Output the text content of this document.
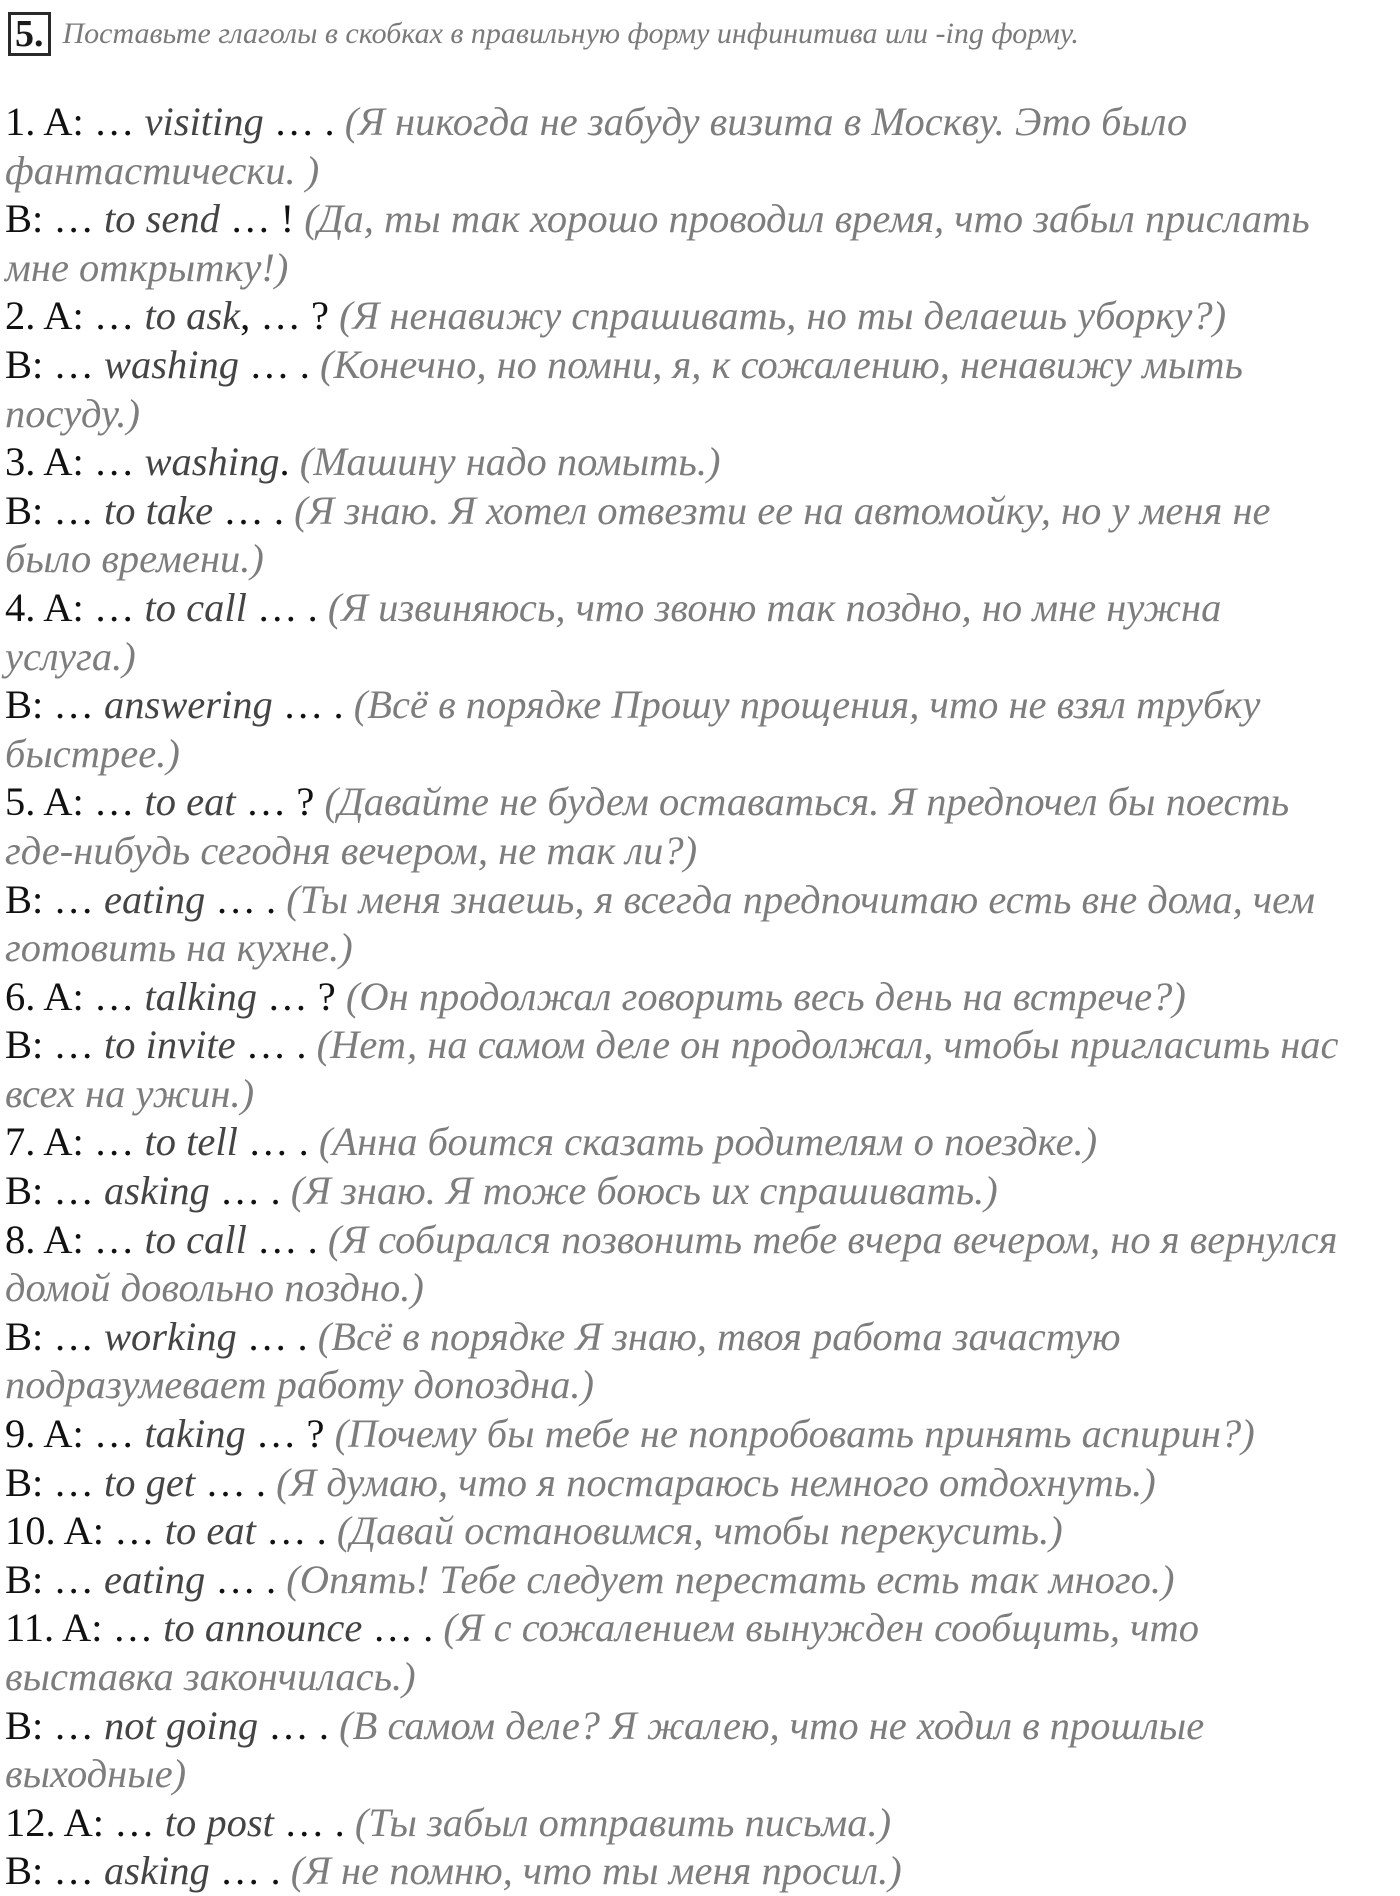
5. Поставьте глаголы в скобках в правильную форму инфинитива или -ing форму.
1. A: … visiting … . (Я никогда не забуду визита в Москву. Это было
фантастически. )
B: … to send … ! (Да, ты так хорошо проводил время, что забыл прислать
мне открытку!)
2. A: … to ask, … ? (Я ненавижу спрашивать, но ты делаешь уборку?)
B: … washing … . (Конечно, но помни, я, к сожалению, ненавижу мыть
посуду.)
3. A: … washing. (Машину надо помыть.)
B: … to take … . (Я знаю. Я хотел отвезти ее на автомойку, но у меня не
было времени.)
4. A: … to call … . (Я извиняюсь, что звоню так поздно, но мне нужна
услуга.)
B: … answering … . (Всё в порядке Прошу прощения, что не взял трубку
быстрее.)
5. A: … to eat … ? (Давайте не будем оставаться. Я предпочел бы поесть
где-нибудь сегодня вечером, не так ли?)
B: … eating … . (Ты меня знаешь, я всегда предпочитаю есть вне дома, чем
готовить на кухне.)
6. A: … talking … ? (Он продолжал говорить весь день на встрече?)
B: … to invite … . (Нет, на самом деле он продолжал, чтобы пригласить нас
всех на ужин.)
7. A: … to tell … . (Анна боится сказать родителям о поездке.)
B: … asking … . (Я знаю. Я тоже боюсь их спрашивать.)
8. A: … to call … . (Я собирался позвонить тебе вчера вечером, но я вернулся
домой довольно поздно.)
B: … working … . (Всё в порядке Я знаю, твоя работа зачастую
подразумевает работу допоздна.)
9. A: … taking … ? (Почему бы тебе не попробовать принять аспирин?)
B: … to get … . (Я думаю, что я постараюсь немного отдохнуть.)
10. A: … to eat … . (Давай остановимся, чтобы перекусить.)
B: … eating … . (Опять! Тебе следует перестать есть так много.)
11. A: … to announce … . (Я с сожалением вынужден сообщить, что
выставка закончилась.)
B: … not going … . (В самом деле? Я жалею, что не ходил в прошлые
выходные)
12. A: … to post … . (Ты забыл отправить письма.)
B: … asking … . (Я не помню, что ты меня просил.)
